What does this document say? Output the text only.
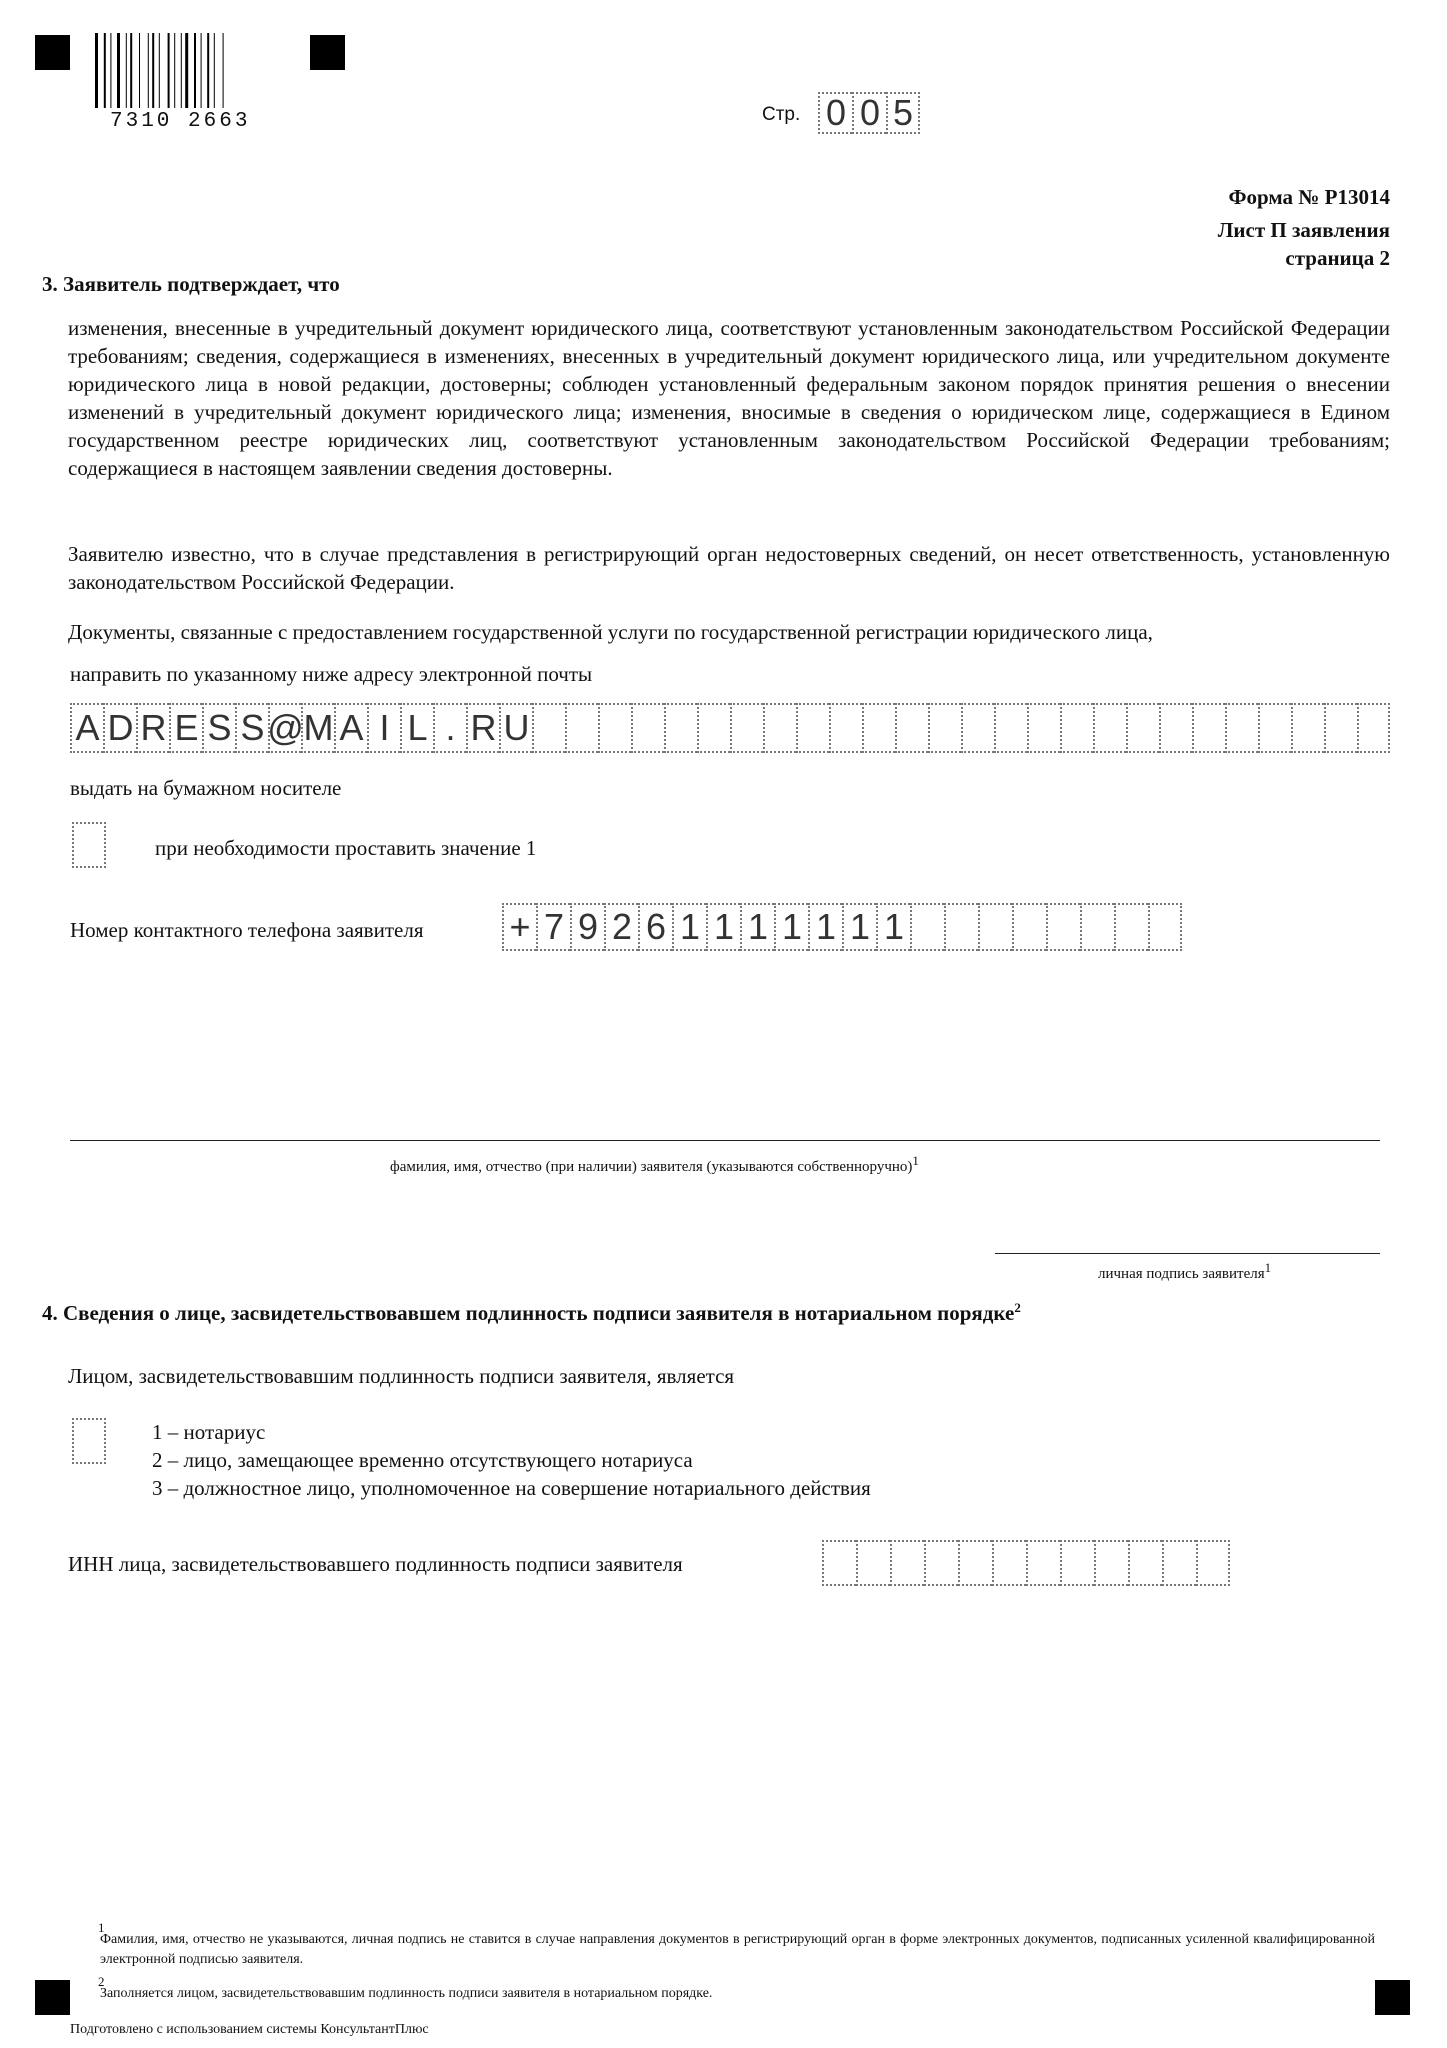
7310 2663	Стр. 0 0 5
Форма № Р13014
Лист П заявления
страница 2
3. Заявитель подтверждает, что
изменения, внесенные в учредительный документ юридического лица, соответствуют установленным законодательством Российской Федерации требованиям; сведения, содержащиеся в изменениях, внесенных в учредительный документ юридического лица, или учредительном документе юридического лица в новой редакции, достоверны; соблюден установленный федеральным законом порядок принятия решения о внесении изменений в учредительный документ юридического лица; изменения, вносимые в сведения о юридическом лице, содержащиеся в Едином государственном реестре юридических лиц, соответствуют установленным законодательством Российской Федерации требованиям; содержащиеся в настоящем заявлении сведения достоверны.
Заявителю известно, что в случае представления в регистрирующий орган недостоверных сведений, он несет ответственность, установленную законодательством Российской Федерации.
Документы, связанные с предоставлением государственной услуги по государственной регистрации юридического лица,
направить по указанному ниже адресу электронной почты
A D R E S S @ M A I L . R U
выдать на бумажном носителе
при необходимости проставить значение 1
Номер контактного телефона заявителя + 7 9 2 6 1 1 1 1 1 1 1
фамилия, имя, отчество (при наличии) заявителя (указываются собственноручно)$^1$
личная подпись заявителя$^1$
4. Сведения о лице, засвидетельствовавшем подлинность подписи заявителя в нотариальном порядке$^2$
Лицом, засвидетельствовавшим подлинность подписи заявителя, является
1 – нотариус
2 – лицо, замещающее временно отсутствующего нотариуса
3 – должностное лицо, уполномоченное на совершение нотариального действия
ИНН лица, засвидетельствовавшего подлинность подписи заявителя
1
Фамилия, имя, отчество не указываются, личная подпись не ставится в случае направления документов в регистрирующий орган в форме электронных документов, подписанных усиленной квалифицированной электронной подписью заявителя.
2
Заполняется лицом, засвидетельствовавшим подлинность подписи заявителя в нотариальном порядке.
Подготовлено с использованием системы КонсультантПлюс
